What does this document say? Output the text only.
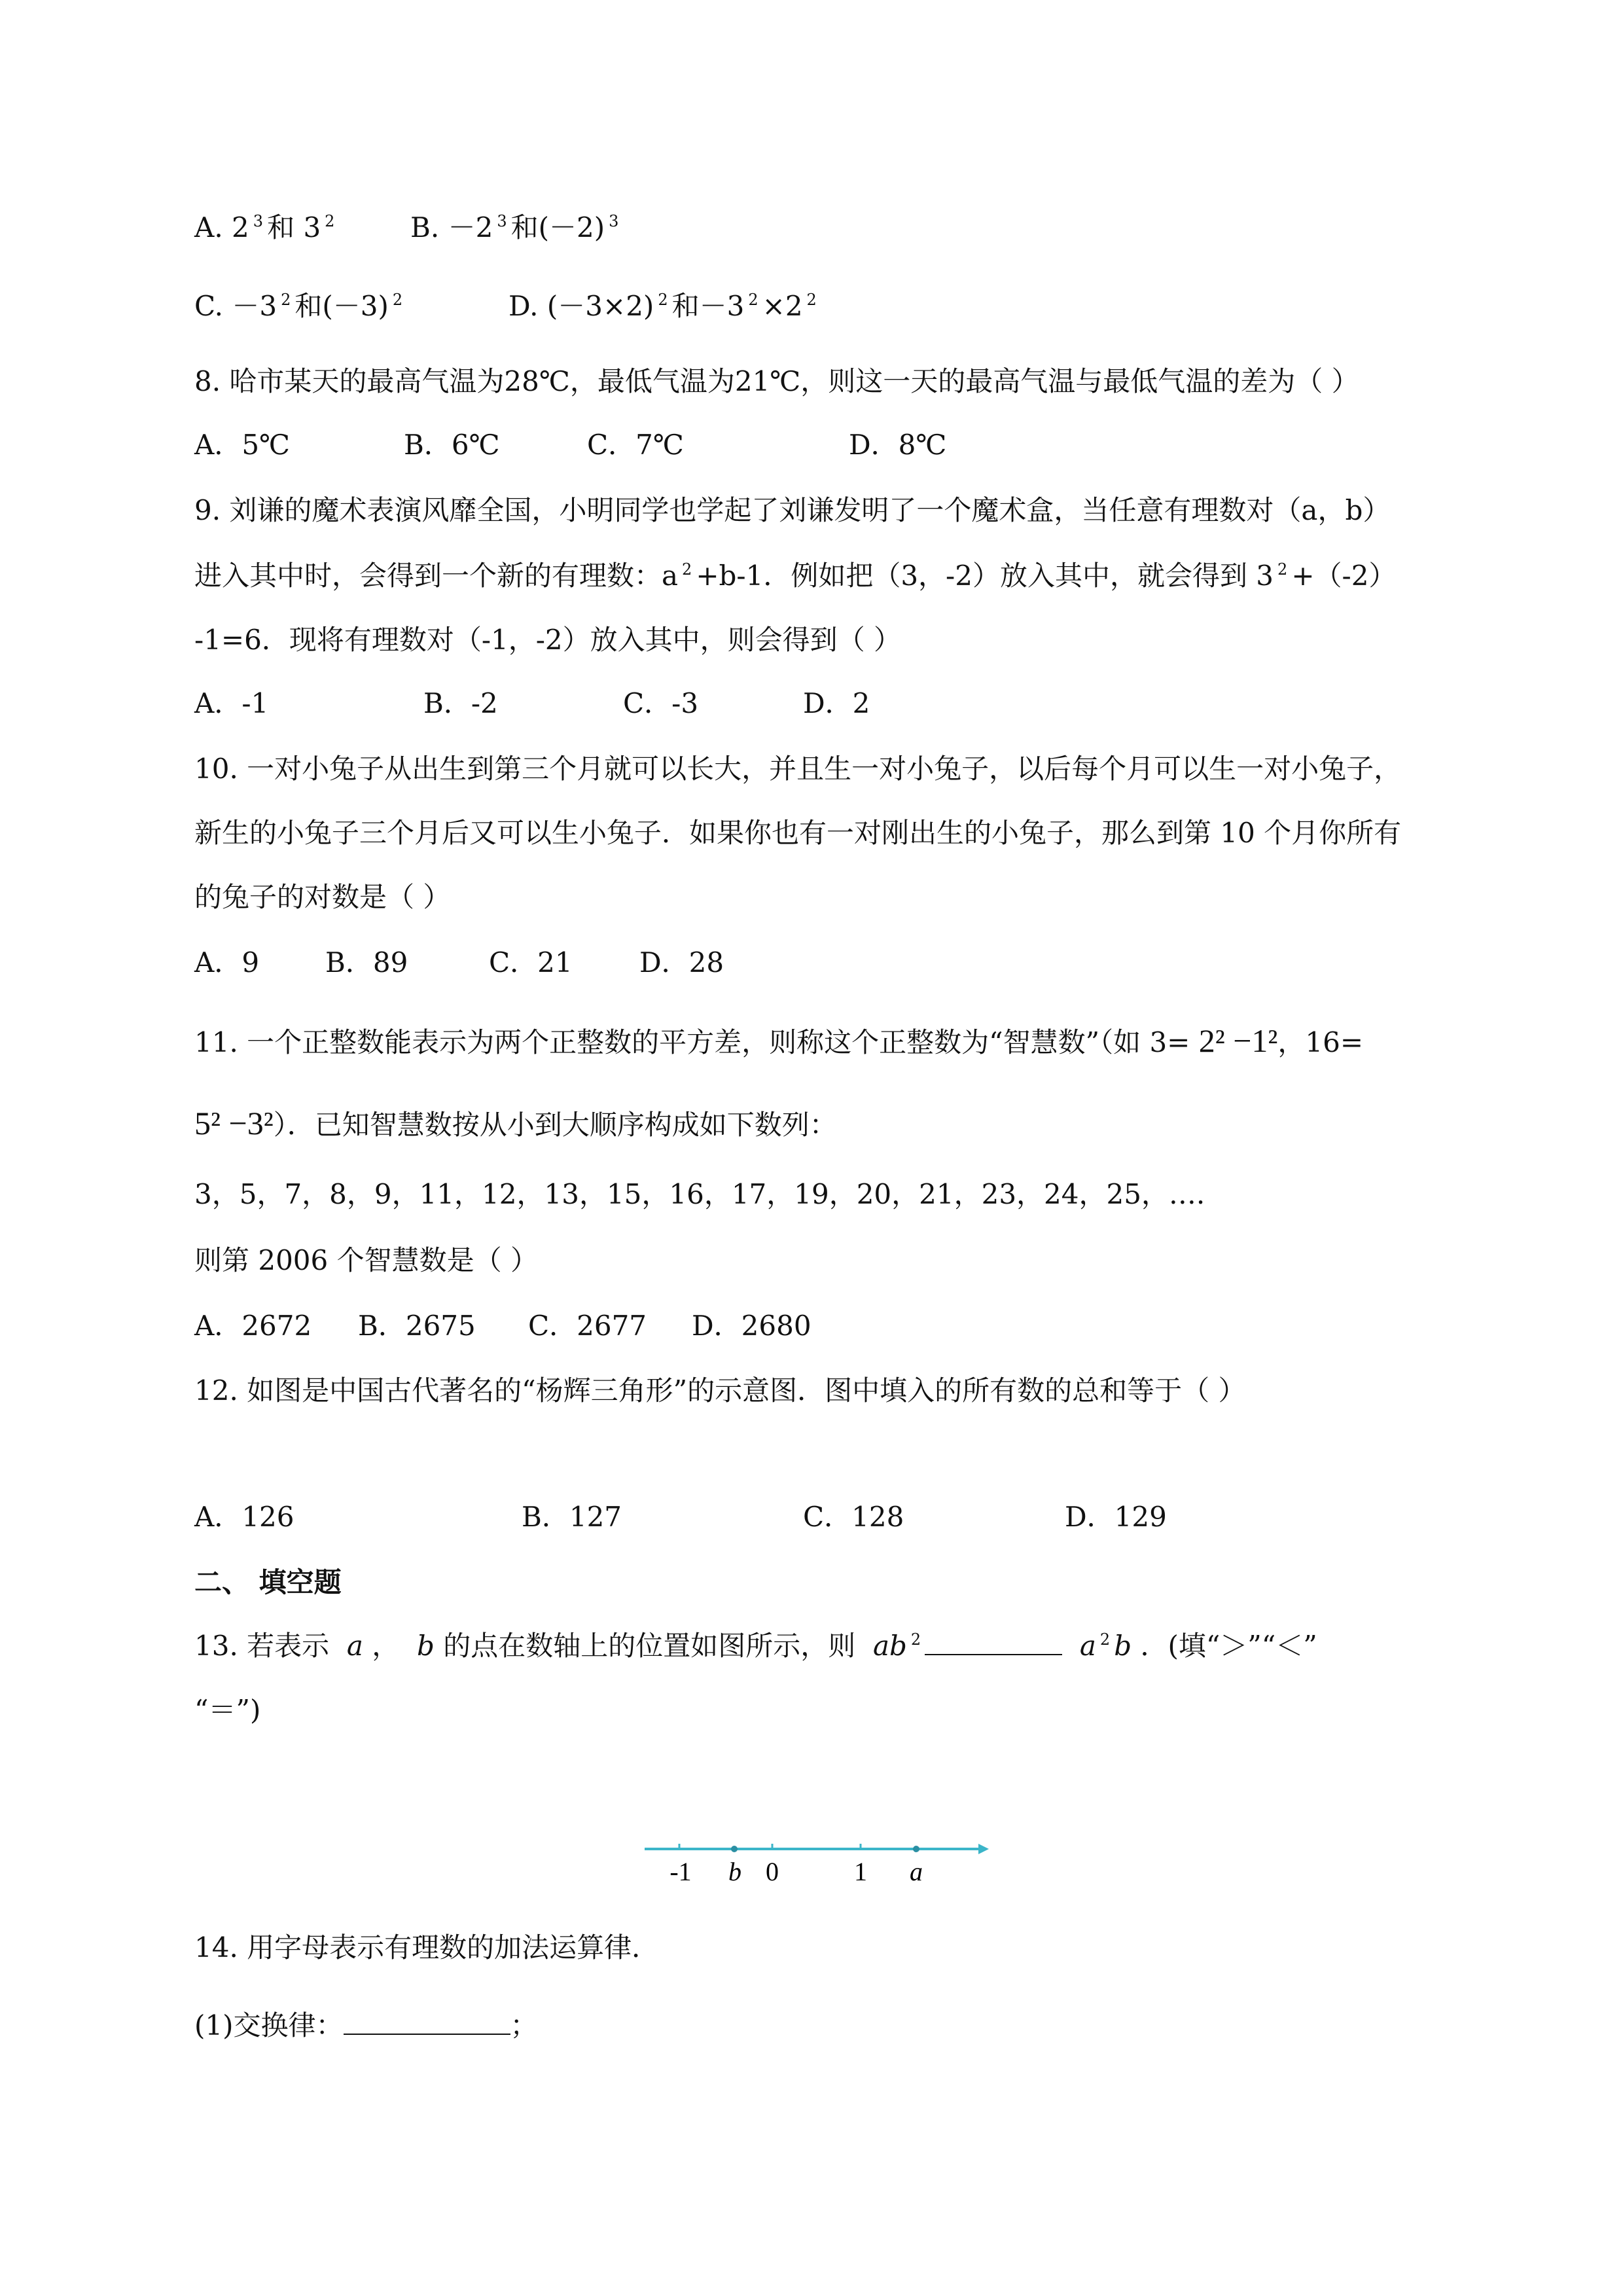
A. 2 $^3$ 和 3 $^2$	B. －2 $^3$ 和(－2) $^3$
C. －3 $^2$ 和(－3) $^2$	D. (－3×2) $^2$ 和－3 $^2$ ×2 $^2$
8. 哈市某天的最高气温为28℃，最低气温为21℃，则这一天的最高气温与最低气温的差为（ ）
A．5℃	B．6℃	C．7℃	D．8℃
9. 刘谦的魔术表演风靡全国，小明同学也学起了刘谦发明了一个魔术盒，当任意有理数对（a，b）
进入其中时，会得到一个新的有理数：a $^2$ +b-1．例如把（3，-2）放入其中，就会得到 3 $^2$ +（-2）
-1=6．现将有理数对（-1，-2）放入其中，则会得到（ ）
A．-1	B．-2	C．-3	D．2
10. 一对小兔子从出生到第三个月就可以长大，并且生一对小兔子，以后每个月可以生一对小兔子，
新生的小兔子三个月后又可以生小兔子．如果你也有一对刚出生的小兔子，那么到第 10 个月你所有
的兔子的对数是（ ）
A．9 B．89	C．21 D．28
11. 一个正整数能表示为两个正整数的平方差，则称这个正整数为“智慧数”（如 3= 2² −1²，16=
5² −3²）．已知智慧数按从小到大顺序构成如下数列：
3，5，7，8，9，11，12，13，15，16，17，19，20，21，23，24，25，….
则第 2006 个智慧数是（ ）
A．2672 B．2675 C．2677 D．2680
12. 如图是中国古代著名的“杨辉三角形”的示意图．图中填入的所有数的总和等于（ ）
A．126	B．127	C．128	D．129
二、 填空题
13. 若表示 a ， b 的点在数轴上的位置如图所示，则 ab $^2$	a $^2$ b ．(填“＞”“＜”
“＝”)
-1 b 0	1 a
14. 用字母表示有理数的加法运算律．
(1)交换律：	；
